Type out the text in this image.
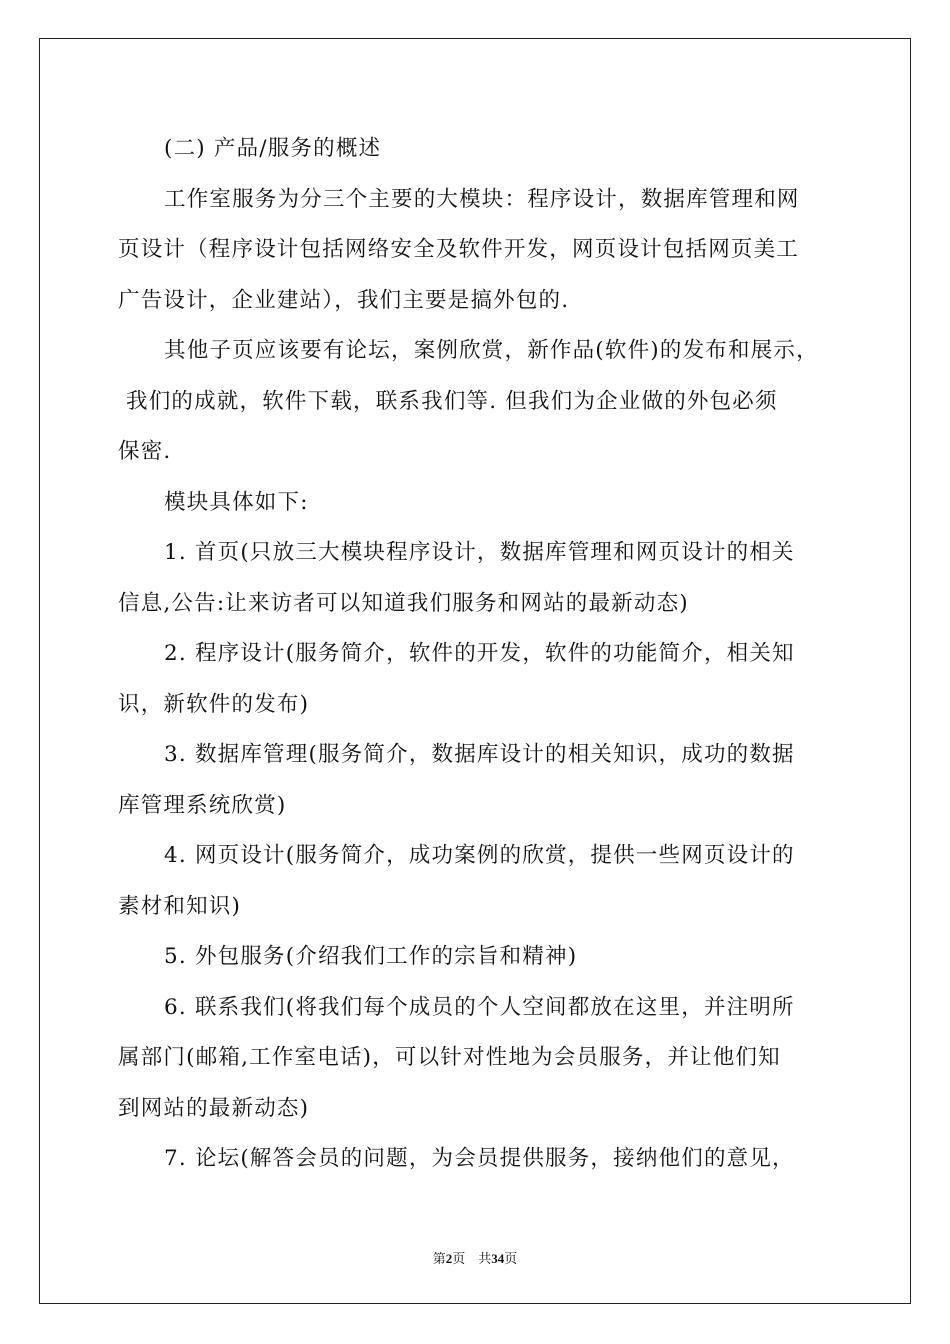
(二) 产品/服务的概述
工作室服务为分三个主要的大模块：程序设计，数据库管理和网
页设计（程序设计包括网络安全及软件开发，网页设计包括网页美工
广告设计，企业建站），我们主要是搞外包的.
其他子页应该要有论坛，案例欣赏，新作品(软件)的发布和展示，
我们的成就，软件下载，联系我们等. 但我们为企业做的外包必须
保密.
模块具体如下:
1. 首页(只放三大模块程序设计，数据库管理和网页设计的相关
信息,公告:让来访者可以知道我们服务和网站的最新动态)
2. 程序设计(服务简介，软件的开发，软件的功能简介，相关知
识，新软件的发布)
3. 数据库管理(服务简介，数据库设计的相关知识，成功的数据
库管理系统欣赏)
4. 网页设计(服务简介，成功案例的欣赏，提供一些网页设计的
素材和知识)
5. 外包服务(介绍我们工作的宗旨和精神)
6. 联系我们(将我们每个成员的个人空间都放在这里，并注明所
属部门(邮箱,工作室电话)，可以针对性地为会员服务，并让他们知
到网站的最新动态)
7. 论坛(解答会员的问题，为会员提供服务，接纳他们的意见，
第2页　共34页
